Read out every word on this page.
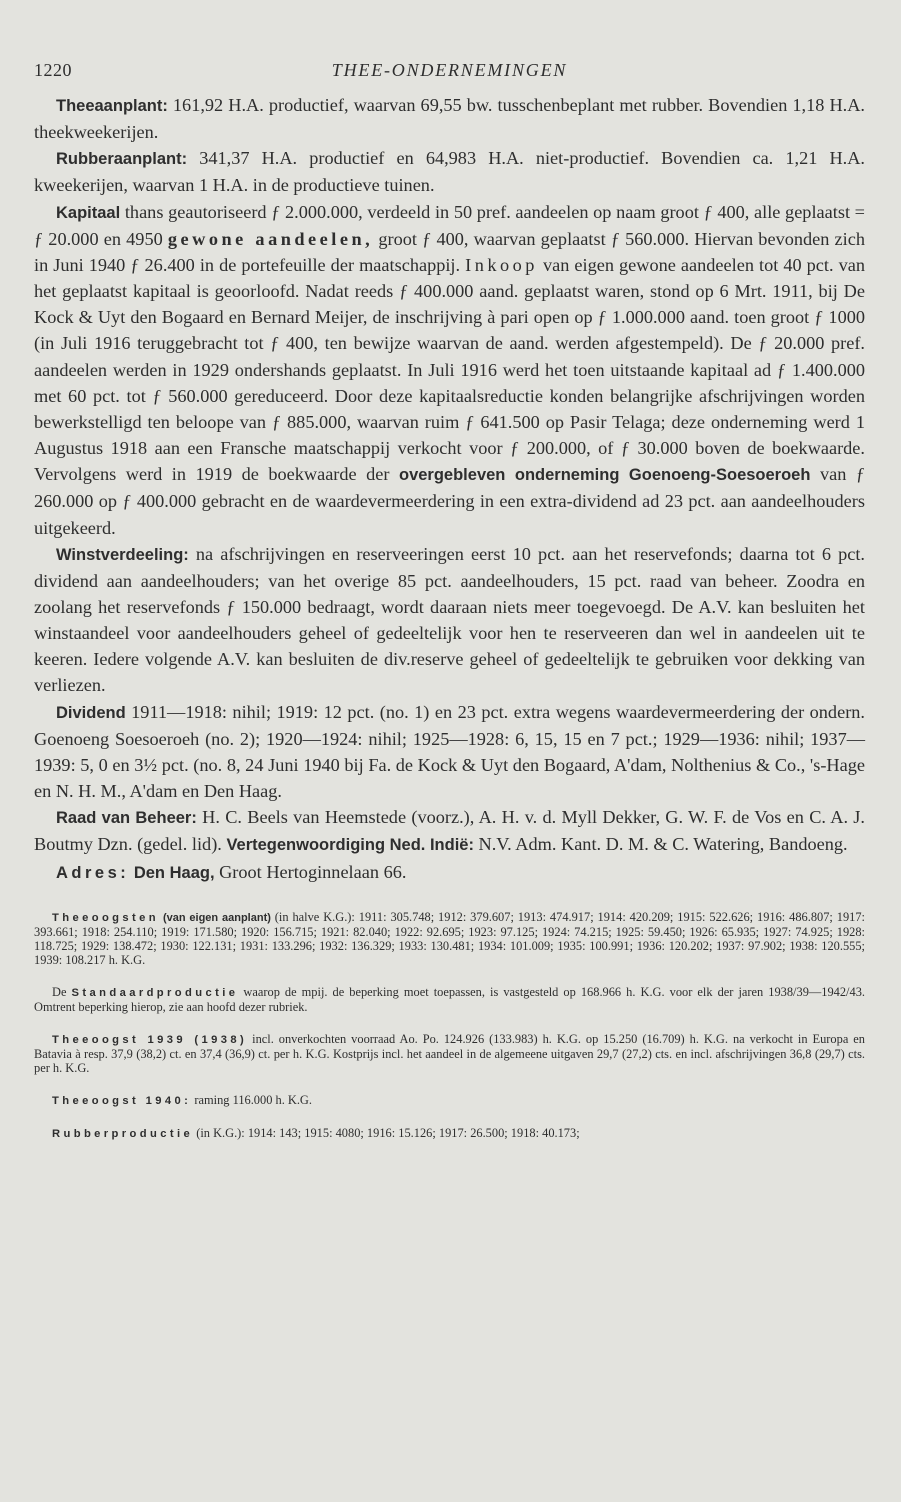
1220	THEE-ONDERNEMINGEN

Theeaanplant: 161,92 H.A. productief, waarvan 69,55 bw. tusschenbeplant met rubber. Bovendien 1,18 H.A. theekweekerijen.

Rubberaanplant: 341,37 H.A. productief en 64,983 H.A. niet-productief. Bovendien ca. 1,21 H.A. kweekerijen, waarvan 1 H.A. in de productieve tuinen.

Kapitaal thans geautoriseerd ƒ 2.000.000, verdeeld in 50 pref. aandeelen op naam groot ƒ 400, alle geplaatst = ƒ 20.000 en 4950 gewone aandeelen, groot ƒ 400, waarvan geplaatst ƒ 560.000. Hiervan bevonden zich in Juni 1940 ƒ 26.400 in de portefeuille der maatschappij. Inkoop van eigen gewone aandeelen tot 40 pct. van het geplaatst kapitaal is geoorloofd. Nadat reeds ƒ 400.000 aand. geplaatst waren, stond op 6 Mrt. 1911, bij De Kock & Uyt den Bogaard en Bernard Meijer, de inschrijving à pari open op ƒ 1.000.000 aand. toen groot ƒ 1000 (in Juli 1916 teruggebracht tot ƒ 400, ten bewijze waarvan de aand. werden afgestempeld). De ƒ 20.000 pref. aandeelen werden in 1929 ondershands geplaatst. In Juli 1916 werd het toen uitstaande kapitaal ad ƒ 1.400.000 met 60 pct. tot ƒ 560.000 gereduceerd. Door deze kapitaalsreductie konden belangrijke afschrijvingen worden bewerkstelligd ten beloope van ƒ 885.000, waarvan ruim ƒ 641.500 op Pasir Telaga; deze onderneming werd 1 Augustus 1918 aan een Fransche maatschappij verkocht voor ƒ 200.000, of ƒ 30.000 boven de boekwaarde. Vervolgens werd in 1919 de boekwaarde der overgebleven onderneming Goenoeng-Soesoeroeh van ƒ 260.000 op ƒ 400.000 gebracht en de waardevermeerdering in een extra-dividend ad 23 pct. aan aandeelhouders uitgekeerd.

Winstverdeeling: na afschrijvingen en reserveeringen eerst 10 pct. aan het reservefonds; daarna tot 6 pct. dividend aan aandeelhouders; van het overige 85 pct. aandeelhouders, 15 pct. raad van beheer. Zoodra en zoolang het reservefonds ƒ 150.000 bedraagt, wordt daaraan niets meer toegevoegd. De A.V. kan besluiten het winstaandeel voor aandeelhouders geheel of gedeeltelijk voor hen te reserveeren dan wel in aandeelen uit te keeren. Iedere volgende A.V. kan besluiten de div.reserve geheel of gedeeltelijk te gebruiken voor dekking van verliezen.

Dividend 1911—1918: nihil; 1919: 12 pct. (no. 1) en 23 pct. extra wegens waardevermeerdering der ondern. Goenoeng Soesoeroeh (no. 2); 1920—1924: nihil; 1925—1928: 6, 15, 15 en 7 pct.; 1929—1936: nihil; 1937—1939: 5, 0 en 3½ pct. (no. 8, 24 Juni 1940 bij Fa. de Kock & Uyt den Bogaard, A'dam, Nolthenius & Co., 's-Hage en N. H. M., A'dam en Den Haag.

Raad van Beheer: H. C. Beels van Heemstede (voorz.), A. H. v. d. Myll Dekker, G. W. F. de Vos en C. A. J. Boutmy Dzn. (gedel. lid). Vertegenwoordiging Ned. Indië: N.V. Adm. Kant. D. M. & C. Watering, Bandoeng.

Adres: Den Haag, Groot Hertoginnelaan 66.

Theeoogsten (van eigen aanplant) (in halve K.G.): 1911: 305.748; 1912: 379.607; 1913: 474.917; 1914: 420.209; 1915: 522.626; 1916: 486.807; 1917: 393.661; 1918: 254.110; 1919: 171.580; 1920: 156.715; 1921: 82.040; 1922: 92.695; 1923: 97.125; 1924: 74.215; 1925: 59.450; 1926: 65.935; 1927: 74.925; 1928: 118.725; 1929: 138.472; 1930: 122.131; 1931: 133.296; 1932: 136.329; 1933: 130.481; 1934: 101.009; 1935: 100.991; 1936: 120.202; 1937: 97.902; 1938: 120.555; 1939: 108.217 h. K.G.

De Standaardproductie waarop de mpij. de beperking moet toepassen, is vastgesteld op 168.966 h. K.G. voor elk der jaren 1938/39—1942/43. Omtrent beperking hierop, zie aan hoofd dezer rubriek.

Theeoogst 1939 (1938) incl. onverkochten voorraad Ao. Po. 124.926 (133.983) h. K.G. op 15.250 (16.709) h. K.G. na verkocht in Europa en Batavia à resp. 37,9 (38,2) ct. en 37,4 (36,9) ct. per h. K.G. Kostprijs incl. het aandeel in de algemeene uitgaven 29,7 (27,2) cts. en incl. afschrijvingen 36,8 (29,7) cts. per h. K.G.

Theeoogst 1940: raming 116.000 h. K.G.

Rubberproductie (in K.G.): 1914: 143; 1915: 4080; 1916: 15.126; 1917: 26.500; 1918: 40.173;
